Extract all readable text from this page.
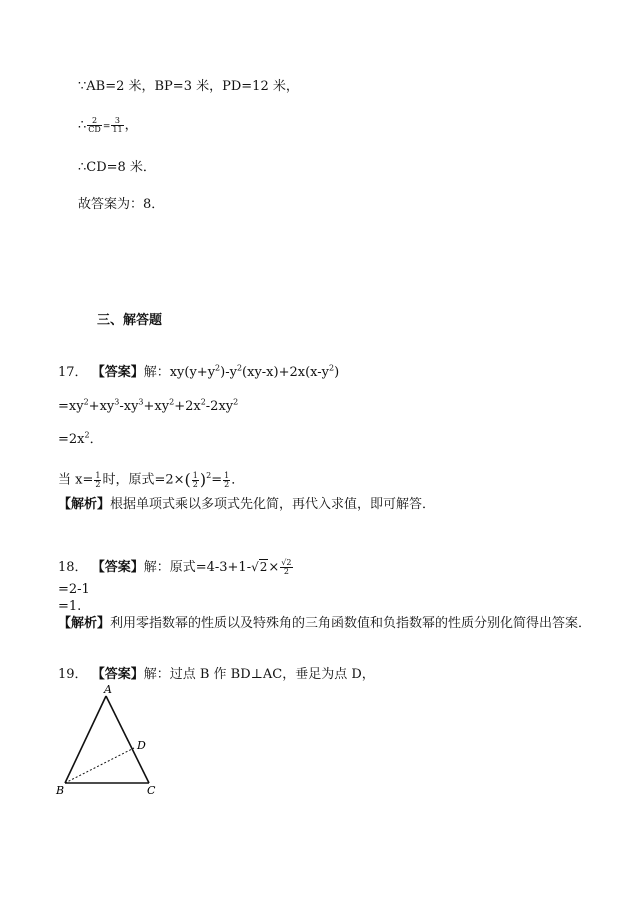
∵AB=2 米，BP=3 米，PD=12 米，
∴ $\frac{2}{CD} = \frac{3}{11}$ ，
∴CD=8 米．
故答案为：8．
三、解答题
17． 【答案】解：$xy(y+y^2)-y^2(xy-x)+2x(x-y^2)$
$=xy^2+xy^3-xy^3+xy^2+2x^2-2xy^2$
$=2x^2$．
当 $x= \frac{1}{2}$ 时，原式$=2\times( \frac{1}{2} )^2= \frac{1}{2}$ ．
【解析】根据单项式乘以多项式先化简，再代入求值，即可解答．
18． 【答案】解：原式$=4-3+1-√2\times \frac{√2}{2}$
=2-1
=1.
【解析】利用零指数幂的性质以及特殊角的三角函数值和负指数幂的性质分别化简得出答案．
19． 【答案】解：过点 B 作 BD⊥AC，垂足为点 D，
A
B	C
D
